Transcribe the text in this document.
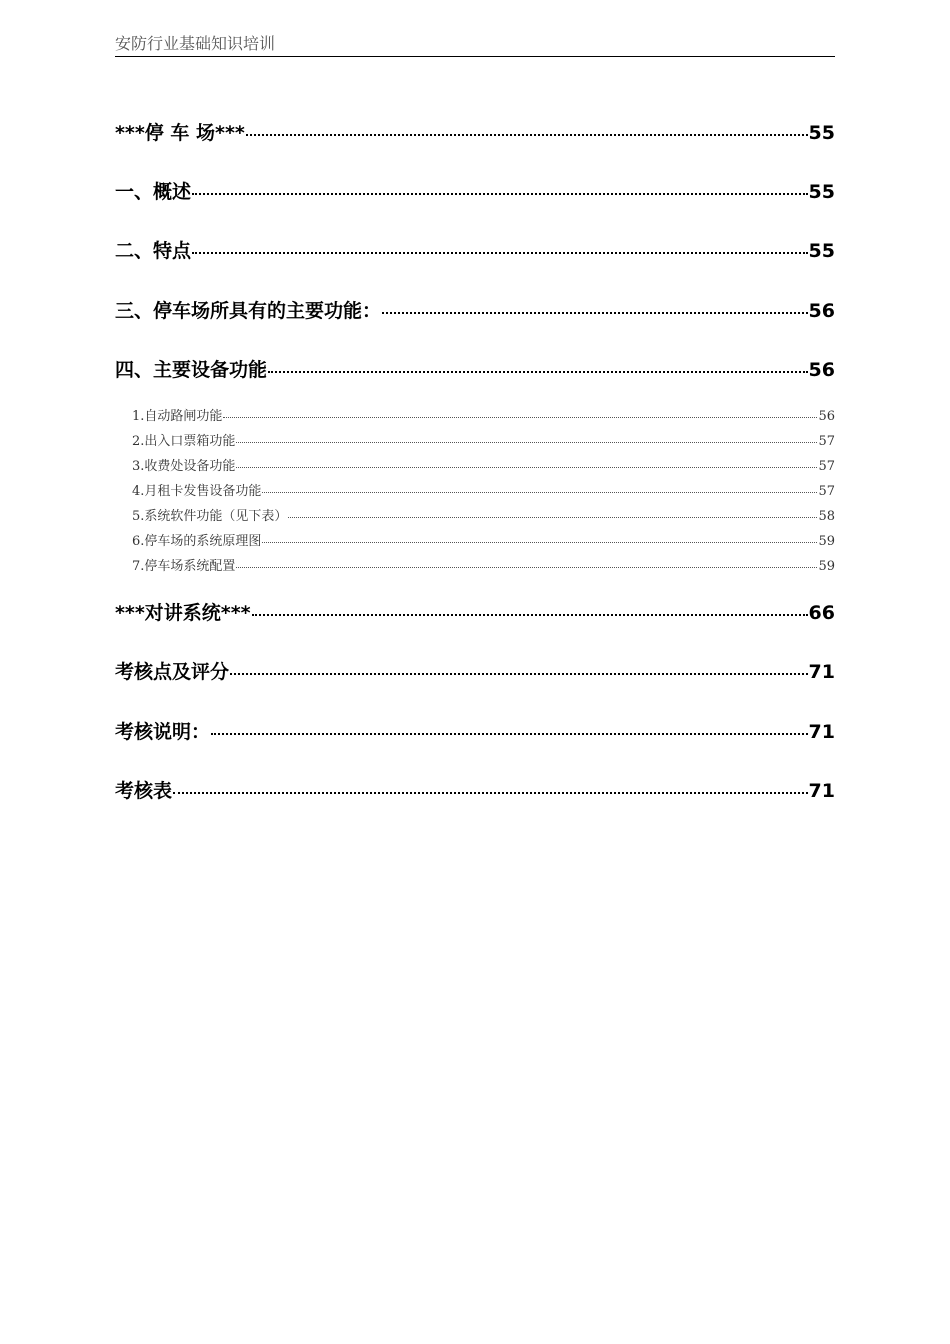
安防行业基础知识培训
***停 车 场***	55
一、概述	55
二、特点	55
三、停车场所具有的主要功能：	56
四、主要设备功能	56
1.自动路闸功能	56
2.出入口票箱功能	57
3.收费处设备功能	57
4.月租卡发售设备功能	57
5.系统软件功能（见下表）	58
6.停车场的系统原理图	59
7.停车场系统配置	59
***对讲系统***	66
考核点及评分	71
考核说明：	71
考核表	71
